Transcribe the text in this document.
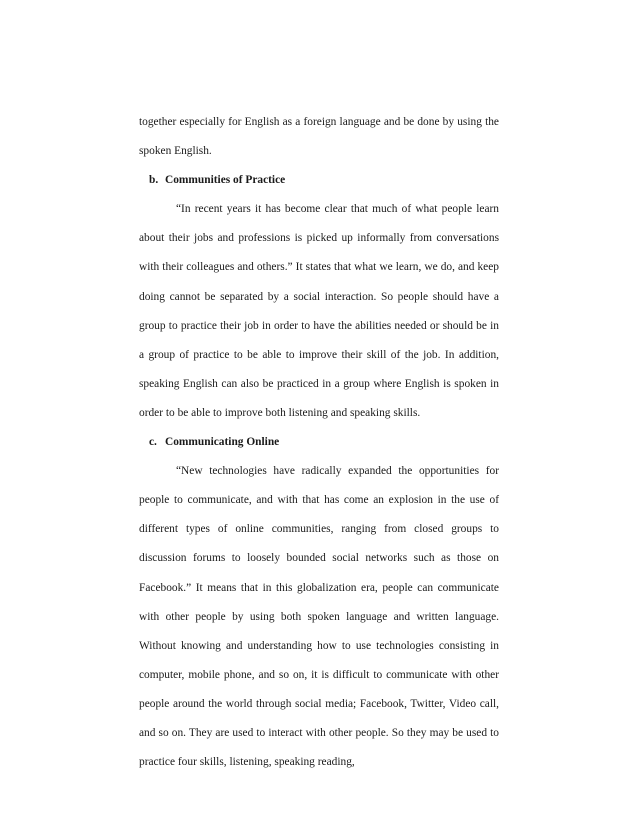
together especially for English as a foreign language and be done by using the spoken English.

b. Communities of Practice

“In recent years it has become clear that much of what people learn about their jobs and professions is picked up informally from conversations with their colleagues and others.” It states that what we learn, we do, and keep doing cannot be separated by a social interaction. So people should have a group to practice their job in order to have the abilities needed or should be in a group of practice to be able to improve their skill of the job. In addition, speaking English can also be practiced in a group where English is spoken in order to be able to improve both listening and speaking skills.

c. Communicating Online

“New technologies have radically expanded the opportunities for people to communicate, and with that has come an explosion in the use of different types of online communities, ranging from closed groups to discussion forums to loosely bounded social networks such as those on Facebook.” It means that in this globalization era, people can communicate with other people by using both spoken language and written language. Without knowing and understanding how to use technologies consisting in computer, mobile phone, and so on, it is difficult to communicate with other people around the world through social media; Facebook, Twitter, Video call, and so on. They are used to interact with other people. So they may be used to practice four skills, listening, speaking reading,
